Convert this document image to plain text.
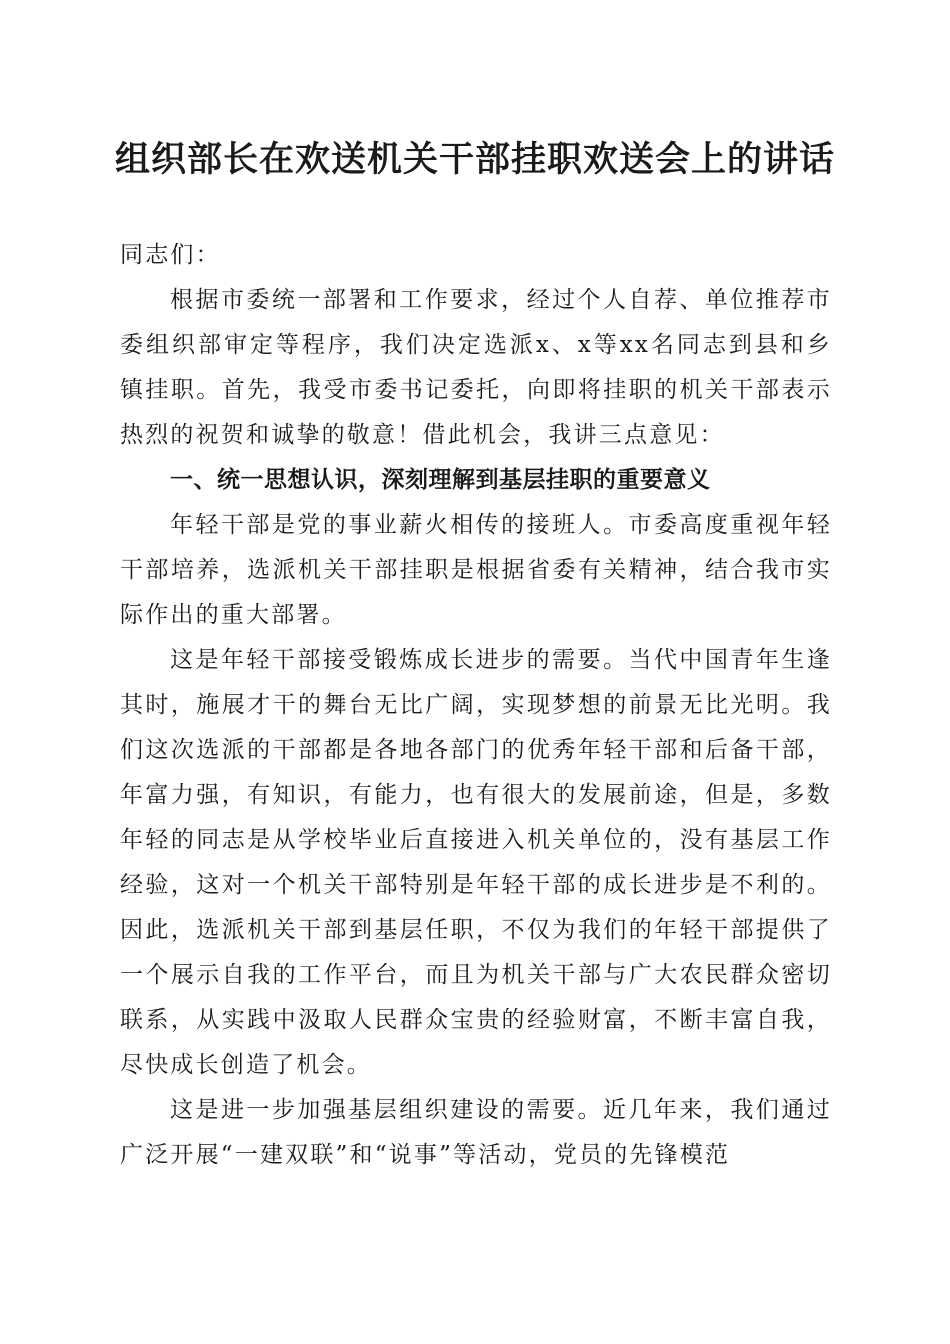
组织部长在欢送机关干部挂职欢送会上的讲话

同志们：

根据市委统一部署和工作要求，经过个人自荐、单位推荐市委组织部审定等程序，我们决定选派x、x等xx名同志到县和乡镇挂职。首先，我受市委书记委托，向即将挂职的机关干部表示热烈的祝贺和诚挚的敬意！借此机会，我讲三点意见：

一、统一思想认识，深刻理解到基层挂职的重要意义

年轻干部是党的事业薪火相传的接班人。市委高度重视年轻干部培养，选派机关干部挂职是根据省委有关精神，结合我市实际作出的重大部署。

这是年轻干部接受锻炼成长进步的需要。当代中国青年生逢其时，施展才干的舞台无比广阔，实现梦想的前景无比光明。我们这次选派的干部都是各地各部门的优秀年轻干部和后备干部，年富力强，有知识，有能力，也有很大的发展前途，但是，多数年轻的同志是从学校毕业后直接进入机关单位的，没有基层工作经验，这对一个机关干部特别是年轻干部的成长进步是不利的。因此，选派机关干部到基层任职，不仅为我们的年轻干部提供了一个展示自我的工作平台，而且为机关干部与广大农民群众密切联系，从实践中汲取人民群众宝贵的经验财富，不断丰富自我，尽快成长创造了机会。

这是进一步加强基层组织建设的需要。近几年来，我们通过广泛开展“一建双联”和“说事”等活动，党员的先锋模范
